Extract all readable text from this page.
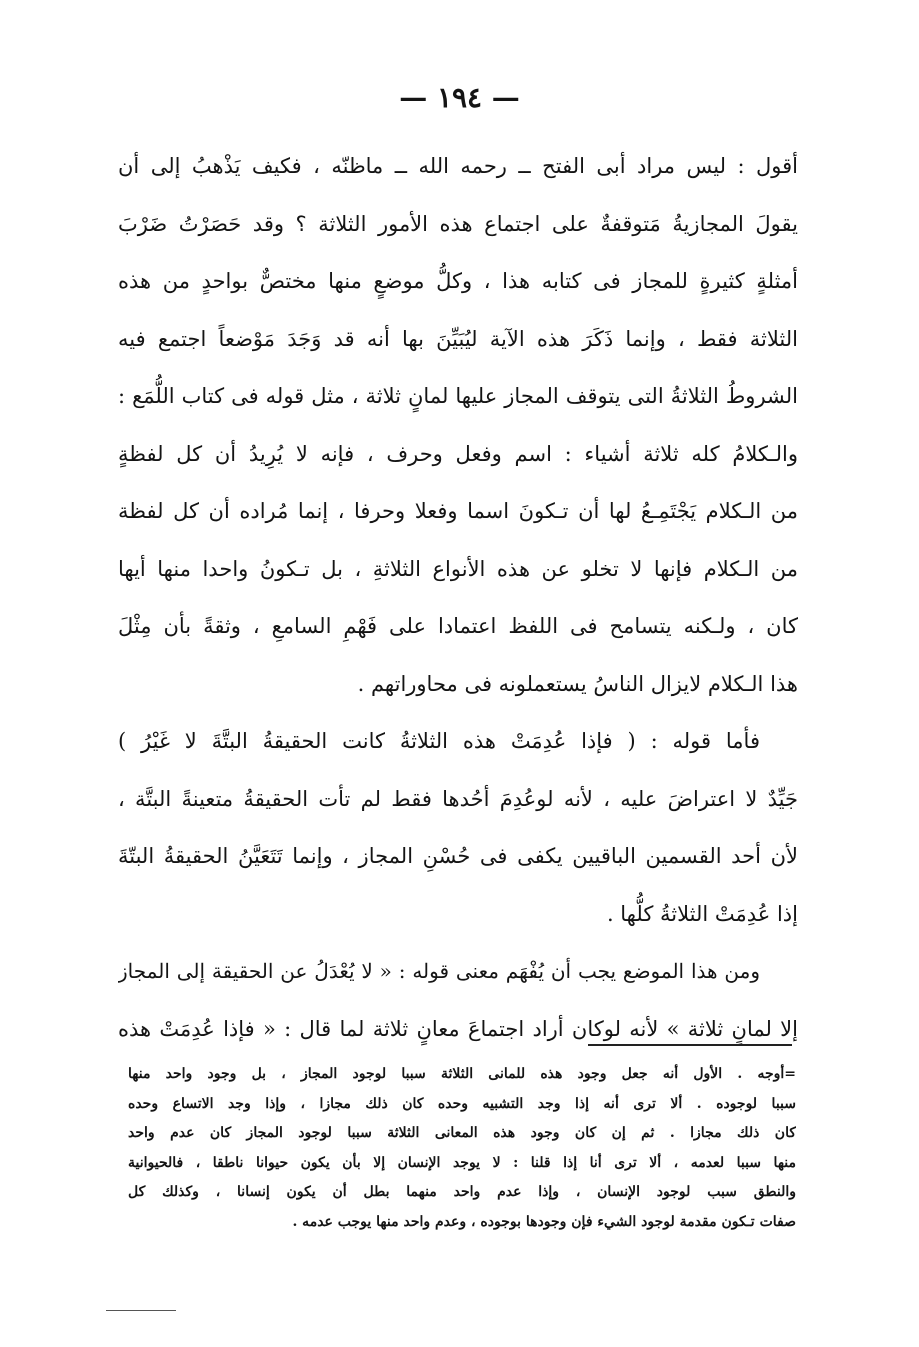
— ١٩٤ —
أقول : ليس مراد أبى الفتح ــ رحمه الله ــ ماظنّه ، فكيف يَذْهبُ إلى أن
يقولَ المجازيةُ مَتوقفةٌ على اجتماع هذه الأمور الثلاثة ؟ وقد حَصَرْتُ ضَرْبَ
أمثلةٍ كثيرةٍ للمجاز فى كتابه هذا ، وكلُّ موضعٍ منها مختصٌّ بواحدٍ من هذه
الثلاثة فقط ، وإنما ذَكَرَ هذه الآية ليُبَيِّنَ بها أنه قد وَجَدَ مَوْضعاً اجتمع فيه
الشروطُ الثلاثةُ التى يتوقف المجاز عليها لمانٍ ثلاثة ، مثل قوله فى كتاب اللُّمَع :
والـكلامُ كله ثلاثة أشياء : اسم وفعل وحرف ، فإنه لا يُرِيدُ أن كل لفظةٍ
من الـكلام يَجْتَمِـعُ لها أن تـكونَ اسما وفعلا وحرفا ، إنما مُراده أن كل لفظة
من الـكلام فإنها لا تخلو عن هذه الأنواع الثلاثةِ ، بل تـكونُ واحدا منها أيها
كان ، ولـكنه يتسامح فى اللفظ اعتمادا على فَهْمِ السامعِ ، وثقةً بأن مِثْلَ
هذا الـكلام لايزال الناسُ يستعملونه فى محاوراتهم .
فأما قوله : ( فإذا عُدِمَتْ هذه الثلاثةُ كانت الحقيقةُ البتَّةَ لا غَيْرُ )
جَيِّدٌ لا اعتراضَ عليه ، لأنه لوعُدِمَ أحُدها فقط لم تأت الحقيقةُ متعينةً البتَّة ،
لأن أحد القسمين الباقيين يكفى فى حُسْنِ المجاز ، وإنما تَتَعَيَّنُ الحقيقةُ البتّةَ
إذا عُدِمَتْ الثلاثةُ كلُّها .
ومن هذا الموضع يجب أن يُفْهَم معنى قوله : « لا يُعْدَلُ عن الحقيقة إلى المجاز
إلا لمانٍ ثلاثة » لأنه لوكان أراد اجتماعَ معانٍ ثلاثة لما قال : « فإذا عُدِمَتْ هذه
=أوجه . الأول أنه جعل وجود هذه للمانى الثلاثة سببا لوجود المجاز ، بل وجود واحد منها
سببا لوجوده . ألا ترى أنه إذا وجد التشبيه وحده كان ذلك مجازا ، وإذا وجد الاتساع وحده
كان ذلك مجازا . ثم إن كان وجود هذه المعانى الثلاثة سببا لوجود المجاز كان عدم واحد
منها سببا لعدمه ، ألا ترى أنا إذا قلنا : لا يوجد الإنسان إلا بأن يكون حيوانا ناطقا ، فالحيوانية
والنطق سبب لوجود الإنسان ، وإذا عدم واحد منهما بطل أن يكون إنسانا ، وكذلك كل
صفات تـكون مقدمة لوجود الشيء فإن وجودها بوجوده ، وعدم واحد منها يوجب عدمه .
